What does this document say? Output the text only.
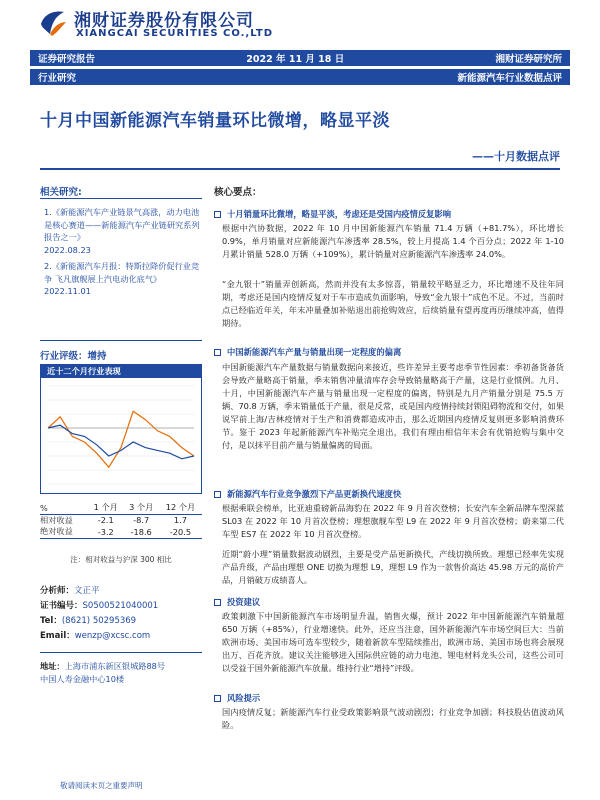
湘财证券股份有限公司
XIANGCAI SECURITIES CO.,LTD
证券研究报告	2022 年 11 月 18 日	湘财证券研究所
行业研究	新能源汽车行业数据点评
十月中国新能源汽车销量环比微增，略显平淡
——十月数据点评
相关研究:
1.《新能源汽车产业链景气高涨，动力电池是核心赛道——新能源汽车产业链研究系列报告之一》
2022.08.23
2.《新能源汽车月报：特斯拉降价促行业竞争 飞凡旗舰展上汽电动化底气》 2022.11.01
行业评级：增持
近十二个月行业表现
%	1 个月	3 个月	12 个月
相对收益	-2.1	-8.7	1.7
绝对收益	-3.2	-18.6	-20.5
注：相对收益与沪深 300 相比
分析师：文正平
证书编号：S0500521040001
Tel：(8621) 50295369
Email：wenzp@xcsc.com
地址：上海市浦东新区银城路88号
中国人寿金融中心10楼
核心要点：
十月销量环比微增，略显平淡，考虑还是受国内疫情反复影响
根据中汽协数据，2022 年 10 月中国新能源汽车销量 71.4 万辆（+81.7%），环比增长 0.9%，单月销量对应新能源汽车渗透率 28.5%，较上月提高 1.4 个百分点；2022 年 1-10 月累计销量 528.0 万辆（+109%），累计销量对应新能源汽车渗透率 24.0%。
“金九银十”销量弄创新高，然而并没有太多惊喜，销量较平略显乏力，环比增速不及往年同期，考虑还是国内疫情反复对于车市造成负面影响，导致“金九银十”成色不足。不过，当前时点已经临近年关，年末冲量叠加补贴退出前抢购效应，后续销量有望再度再历继续冲高，值得期待。
中国新能源汽车产量与销量出现一定程度的偏离
中国新能源汽车产量数据与销量数据向来接近，些许差异主要考虑季节性因素：季初备货备货会导致产量略高于销量，季末销售冲量清库存会导致销量略高于产量，这是行业惯例。九月、十月，中国新能源汽车产量与销量出现一定程度的偏离，特别是九月产销量分别是 75.5 万辆、70.8 万辆，季末销量低于产量，很是反常，或是国内疫情持续封锁阻碍物流和交付，如果说罕前上海/吉林疫情对于生产和消费都造成冲击，那么近期国内疫情反复则更多影响消费环节。鉴于 2023 年起新能源汽车补贴完全退出，我们有理由相信年末会有优销抢购与集中交付，是以抹平目前产量与销量偏离的局面。
新能源汽车行业竞争激烈下产品更新换代速度快
根据乘联会榜单，比亚迪重磅新品海豹在 2022 年 9 月首次登榜；长安汽车全新品牌车型深蓝 SL03 在 2022 年 10 月首次登榜；理想旗舰车型 L9 在 2022 年 9 月首次登榜；蔚来第二代车型 ES7 在 2022 年 10 月首次登榜。
近期“蔚小理”销量数据波动剧烈，主要是受产品更新换代，产线切换所致。理想已经率先实现产品升级，产品由理想 ONE 切换为理想 L9，理想 L9 作为一款售价高达 45.98 万元的高价产品，月销破万成绩喜人。
投资建议
政策刺激下中国新能源汽车市场明显升温，销售火爆，预计 2022 年中国新能源汽车销量超 650 万辆（+85%），行业增速快。此外，还应当注意，国外新能源汽车市场空间巨大：当前欧洲市场、美国市场可选车型较少，随着新款车型陆续推出，欧洲市场、美国市场也将会展现出万、百花齐放。建议关注能够进入国际供应链的动力电池、锂电材料龙头公司，这些公司可以受益于国外新能源汽车放量。维持行业“增持”评级。
风险提示
国内疫情反复；新能源汽车行业受政策影响景气波动剧烈；行业竞争加剧；科技股估值波动风险。
敬请阅读末页之重要声明
